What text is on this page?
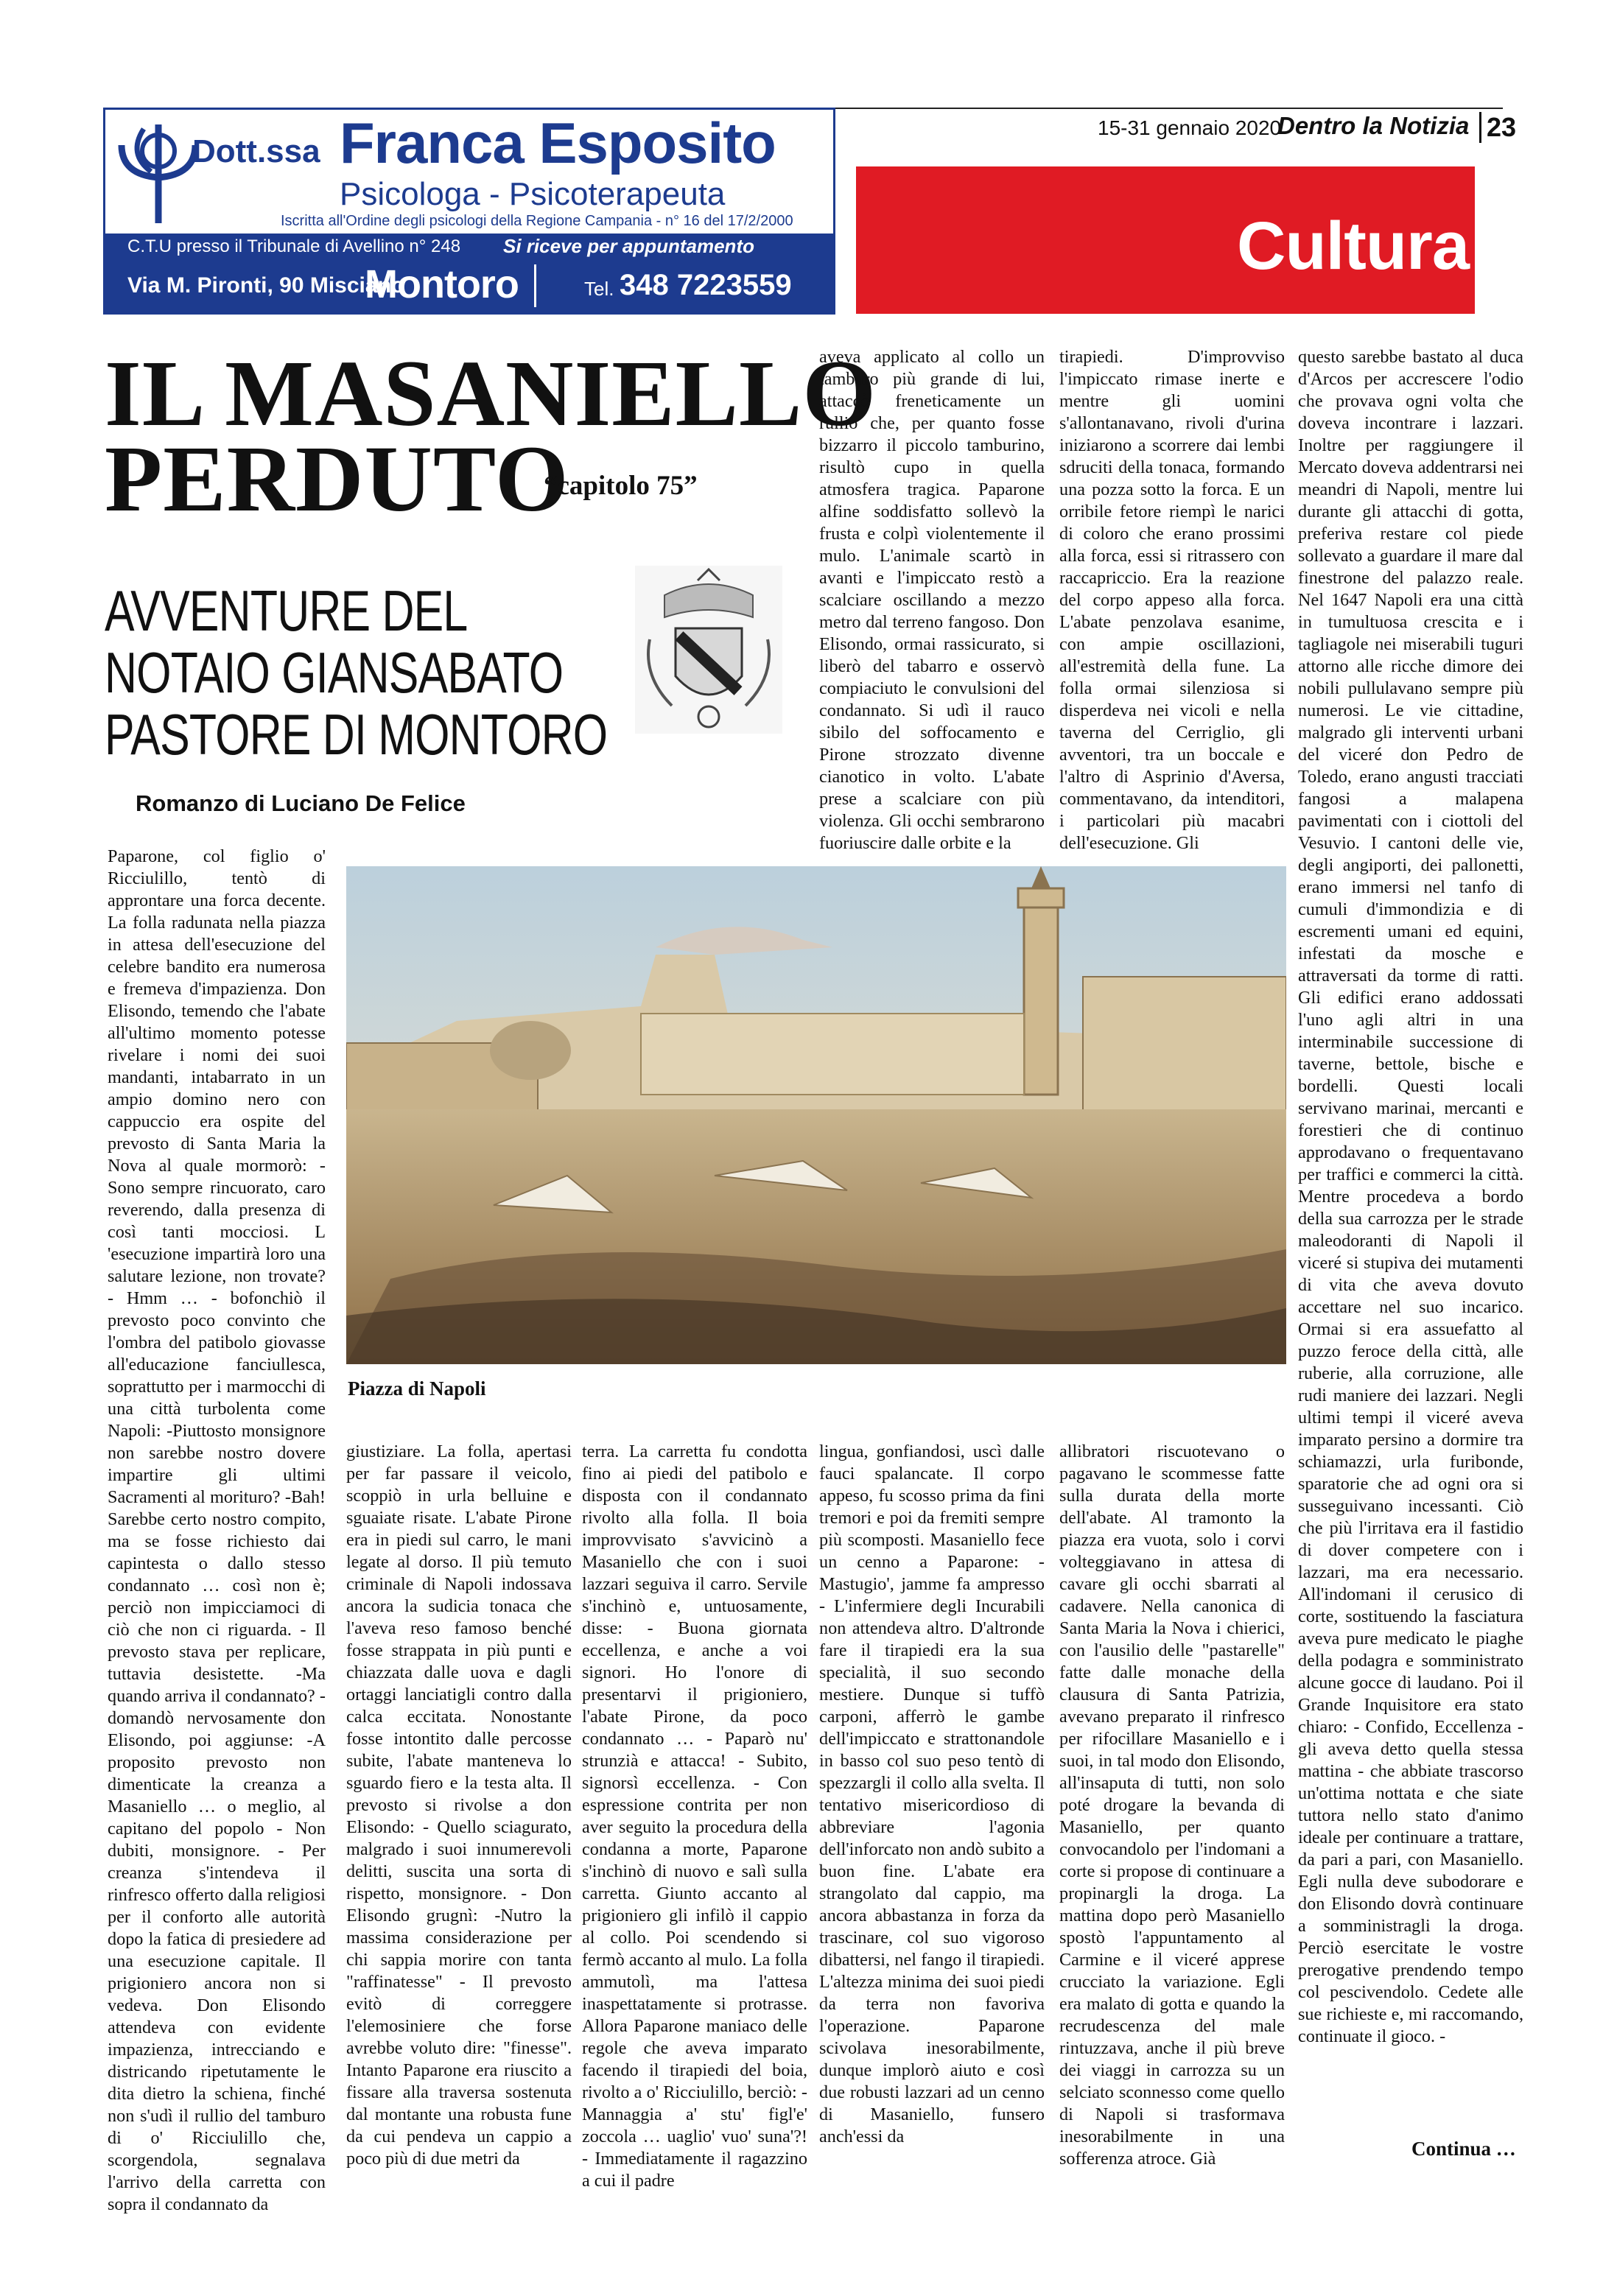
15-31 gennaio 2020
Dentro la Notizia 23
Dott.ssa Franca Esposito
Psicologa - Psicoterapeuta
Iscritta all'Ordine degli psicologi della Regione Campania - n° 16 del 17/2/2000
C.T.U presso il Tribunale di Avellino n° 248 Si riceve per appuntamento
Via M. Pironti, 90 Misciano
Montoro	Tel. 348 7223559
Cultura
IL MASANIELLO
PERDUTO
“capitolo 75”
AVVENTURE DEL
NOTAIO GIANSABATO
PASTORE DI MONTORO
Romanzo di Luciano De Felice
Paparone, col figlio o' Ricciulillo, tentò di approntare una forca decente. La folla radunata nella piazza in attesa dell'esecuzione del celebre bandito era numerosa e fremeva d'impazienza. Don Elisondo, temendo che l'abate all'ultimo momento potesse rivelare i nomi dei suoi mandanti, intabarrato in un ampio domino nero con cappuccio era ospite del prevosto di Santa Maria la Nova al quale mormorò: - Sono sempre rincuorato, caro reverendo, dalla presenza di così tanti mocciosi. L 'esecuzione impartirà loro una salutare lezione, non trovate? - Hmm … - bofonchiò il prevosto poco convinto che l'ombra del patibolo giovasse all'educazione fanciullesca, soprattutto per i marmocchi di una città turbolenta come Napoli: -Piuttosto monsignore non sarebbe nostro dovere impartire gli ultimi Sacramenti al morituro? -Bah! Sarebbe certo nostro compito, ma se fosse richiesto dai capintesta o dallo stesso condannato … così non è; perciò non impicciamoci di ciò che non ci riguarda. - Il prevosto stava per replicare, tuttavia desistette. -Ma quando arriva il condannato? - domandò nervosamente don Elisondo, poi aggiunse: -A proposito prevosto non dimenticate la creanza a Masaniello … o meglio, al capitano del popolo - Non dubiti, monsignore. - Per creanza s'intendeva il rinfresco offerto dalla religiosi per il conforto alle autorità dopo la fatica di presiedere ad una esecuzione capitale. Il prigioniero ancora non si vedeva. Don Elisondo attendeva con evidente impazienza, intrecciando e districando ripetutamente le dita dietro la schiena, finché non s'udì il rullio del tamburo di o' Ricciulillo che, scorgendola, segnalava l'arrivo della carretta con sopra il condannato da
aveva applicato al collo un tamburo più grande di lui, attaccò freneticamente un rullio che, per quanto fosse bizzarro il piccolo tamburino, risultò cupo in quella atmosfera tragica. Paparone alfine soddisfatto sollevò la frusta e colpì violentemente il mulo. L'animale scartò in avanti e l'impiccato restò a scalciare oscillando a mezzo metro dal terreno fangoso. Don Elisondo, ormai rassicurato, si liberò del tabarro e osservò compiaciuto le convulsioni del condannato. Si udì il rauco sibilo del soffocamento e Pirone strozzato divenne cianotico in volto. L'abate prese a scalciare con più violenza. Gli occhi sembrarono fuoriuscire dalle orbite e la
tirapiedi. D'improvviso l'impiccato rimase inerte e mentre gli uomini s'allontanavano, rivoli d'urina iniziarono a scorrere dai lembi sdruciti della tonaca, formando una pozza sotto la forca. E un orribile fetore riempì le narici di coloro che erano prossimi alla forca, essi si ritrassero con raccapriccio. Era la reazione del corpo appeso alla forca. L'abate penzolava esanime, con ampie oscillazioni, all'estremità della fune. La folla ormai silenziosa si disperdeva nei vicoli e nella taverna del Cerriglio, gli avventori, tra un boccale e l'altro di Asprinio d'Aversa, commentavano, da intenditori, i particolari più macabri dell'esecuzione. Gli
questo sarebbe bastato al duca d'Arcos per accrescere l'odio che provava ogni volta che doveva incontrare i lazzari. Inoltre per raggiungere il Mercato doveva addentrarsi nei meandri di Napoli, mentre lui durante gli attacchi di gotta, preferiva restare col piede sollevato a guardare il mare dal finestrone del palazzo reale. Nel 1647 Napoli era una città in tumultuosa crescita e i tagliagole nei miserabili tuguri attorno alle ricche dimore dei nobili pullulavano sempre più numerosi. Le vie cittadine, malgrado gli interventi urbani del viceré don Pedro de Toledo, erano angusti tracciati fangosi a malapena pavimentati con i ciottoli del Vesuvio. I cantoni delle vie, degli angiporti, dei pallonetti, erano immersi nel tanfo di cumuli d'immondizia e di escrementi umani ed equini, infestati da mosche e attraversati da torme di ratti. Gli edifici erano addossati l'uno agli altri in una interminabile successione di taverne, bettole, bische e bordelli. Questi locali servivano marinai, mercanti e forestieri che di continuo approdavano o frequentavano per traffici e commerci la città. Mentre procedeva a bordo della sua carrozza per le strade maleodoranti di Napoli il viceré si stupiva dei mutamenti di vita che aveva dovuto accettare nel suo incarico. Ormai si era assuefatto al puzzo feroce della città, alle ruberie, alla corruzione, alle rudi maniere dei lazzari. Negli ultimi tempi il viceré aveva imparato persino a dormire tra schiamazzi, urla furibonde, sparatorie che ad ogni ora si susseguivano incessanti. Ciò che più l'irritava era il fastidio di dover competere con i lazzari, ma era necessario. All'indomani il cerusico di corte, sostituendo la fasciatura aveva pure medicato le piaghe della podagra e somministrato alcune gocce di laudano. Poi il Grande Inquisitore era stato chiaro: - Confido, Eccellenza - gli aveva detto quella stessa mattina - che abbiate trascorso un'ottima nottata e che siate tuttora nello stato d'animo ideale per continuare a trattare, da pari a pari, con Masaniello. Egli nulla deve subodorare e don Elisondo dovrà continuare a somministragli la droga. Perciò esercitate le vostre prerogative prendendo tempo col pescivendolo. Cedete alle sue richieste e, mi raccomando, continuate il gioco. -
giustiziare. La folla, apertasi per far passare il veicolo, scoppiò in urla belluine e sguaiate risate. L'abate Pirone era in piedi sul carro, le mani legate al dorso. Il più temuto criminale di Napoli indossava ancora la sudicia tonaca che l'aveva reso famoso benché fosse strappata in più punti e chiazzata dalle uova e dagli ortaggi lanciatigli contro dalla calca eccitata. Nonostante fosse intontito dalle percosse subite, l'abate manteneva lo sguardo fiero e la testa alta. Il prevosto si rivolse a don Elisondo: - Quello sciagurato, malgrado i suoi innumerevoli delitti, suscita una sorta di rispetto, monsignore. - Don Elisondo grugnì: -Nutro la massima considerazione per chi sappia morire con tanta "raffinatesse" - Il prevosto evitò di correggere l'elemosiniere che forse avrebbe voluto dire: "finesse". Intanto Paparone era riuscito a fissare alla traversa sostenuta dal montante una robusta fune da cui pendeva un cappio a poco più di due metri da
terra. La carretta fu condotta fino ai piedi del patibolo e disposta con il condannato rivolto alla folla. Il boia improvvisato s'avvicinò a Masaniello che con i suoi lazzari seguiva il carro. Servile s'inchinò e, untuosamente, disse: - Buona giornata eccellenza, e anche a voi signori. Ho l'onore di presentarvi il prigioniero, l'abate Pirone, da poco condannato … - Paparò nu' strunzià e attacca! - Subito, signorsì eccellenza. - Con espressione contrita per non aver seguito la procedura della condanna a morte, Paparone s'inchinò di nuovo e salì sulla carretta. Giunto accanto al prigioniero gli infilò il cappio al collo. Poi scendendo si fermò accanto al mulo. La folla ammutolì, ma l'attesa inaspettatamente si protrasse. Allora Paparone maniaco delle regole che aveva imparato facendo il tirapiedi del boia, rivolto a o' Ricciulillo, berciò: - Mannaggia a' stu' figl'e' zoccola … uaglio' vuo' suna'?! - Immediatamente il ragazzino a cui il padre
lingua, gonfiandosi, uscì dalle fauci spalancate. Il corpo appeso, fu scosso prima da fini tremori e poi da fremiti sempre più scomposti. Masaniello fece un cenno a Paparone: - Mastugio', jamme fa ampresso - L'infermiere degli Incurabili non attendeva altro. D'altronde fare il tirapiedi era la sua specialità, il suo secondo mestiere. Dunque si tuffò carponi, afferrò le gambe dell'impiccato e strattonandole in basso col suo peso tentò di spezzargli il collo alla svelta. Il tentativo misericordioso di abbreviare l'agonia dell'inforcato non andò subito a buon fine. L'abate era strangolato dal cappio, ma ancora abbastanza in forza da trascinare, col suo vigoroso dibattersi, nel fango il tirapiedi. L'altezza minima dei suoi piedi da terra non favoriva l'operazione. Paparone scivolava inesorabilmente, dunque implorò aiuto e così due robusti lazzari ad un cenno di Masaniello, funsero anch'essi da
allibratori riscuotevano o pagavano le scommesse fatte sulla durata della morte dell'abate. Al tramonto la piazza era vuota, solo i corvi volteggiavano in attesa di cavare gli occhi sbarrati al cadavere. Nella canonica di Santa Maria la Nova i chierici, con l'ausilio delle "pastarelle" fatte dalle monache della clausura di Santa Patrizia, avevano preparato il rinfresco per rifocillare Masaniello e i suoi, in tal modo don Elisondo, all'insaputa di tutti, non solo poté drogare la bevanda di Masaniello, per quanto convocandolo per l'indomani a corte si propose di continuare a propinargli la droga. La mattina dopo però Masaniello spostò l'appuntamento al Carmine e il viceré apprese crucciato la variazione. Egli era malato di gotta e quando la recrudescenza del male rintuzzava, anche il più breve dei viaggi in carrozza su un selciato sconnesso come quello di Napoli si trasformava inesorabilmente in una sofferenza atroce. Già	Continua …
Piazza di Napoli
